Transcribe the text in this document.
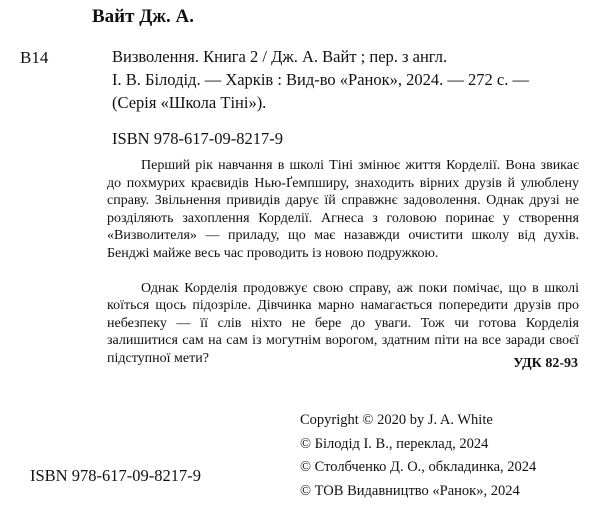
Вайт Дж. А.
В14	Визволення. Книга 2 / Дж. А. Вайт ; пер. з англ.
І. В. Білодід. — Харків : Вид-во «Ранок», 2024. — 272 с. —
(Серія «Школа Тіні»).
ISBN 978-617-09-8217-9

Перший рік навчання в школі Тіні змінює життя Корделії. Вона звикає до похмурих краєвидів Нью-Ґемпширу, знаходить вірних друзів й улюблену справу. Звільнення привидів дарує їй справжнє задоволення. Однак друзі не розділяють захоплення Корделії. Агнеса з головою поринає у створення «Визволителя» — приладу, що має назавжди очистити школу від духів. Бенджі майже весь час проводить із новою подружкою.

Однак Корделія продовжує свою справу, аж поки помічає, що в школі коїться щось підозріле. Дівчинка марно намагається попередити друзів про небезпеку — її слів ніхто не бере до уваги. Тож чи готова Корделія залишитися сам на сам із могутнім ворогом, здатним піти на все заради своєї підступної мети?	УДК 82-93
Copyright © 2020 by J. A. White
© Білодід І. В., переклад, 2024
© Столбченко Д. О., обкладинка, 2024
© ТОВ Видавництво «Ранок», 2024
ISBN 978-617-09-8217-9
